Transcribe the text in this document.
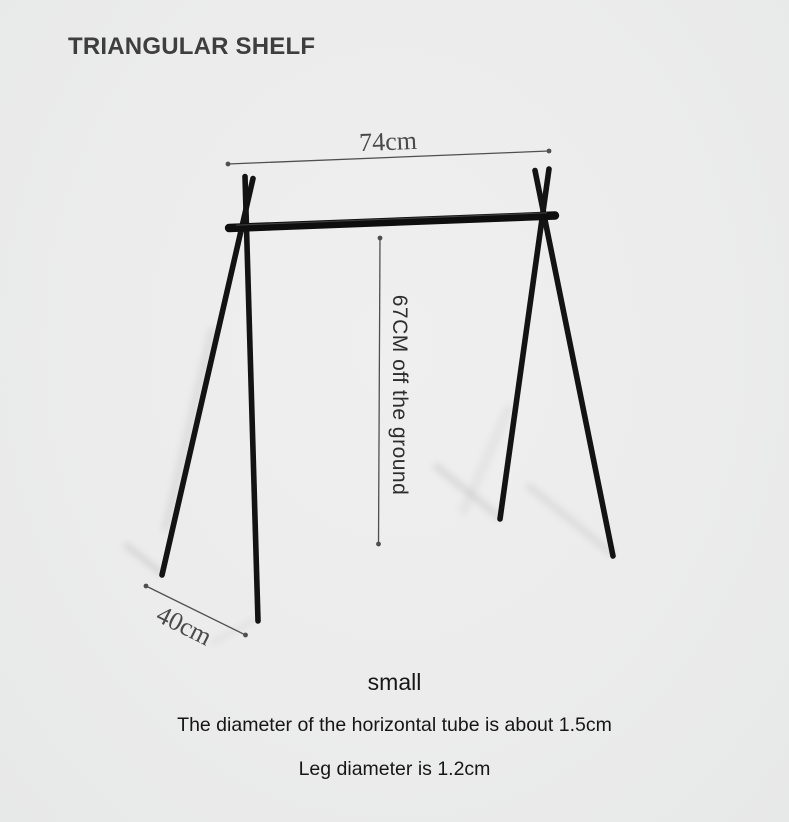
TRIANGULAR SHELF
74cm
67CM off the ground
40cm
small
The diameter of the horizontal tube is about 1.5cm
Leg diameter is 1.2cm
